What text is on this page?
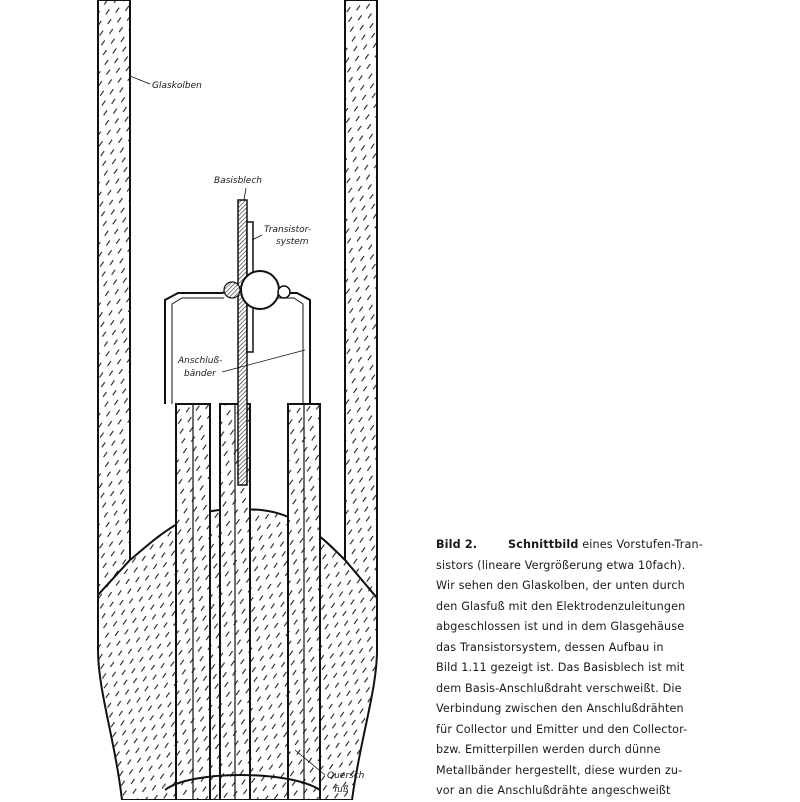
Glaskolben
Basisblech
Transistor-
system
Anschluß-
bänder
Quersch
fuß
Bild 2.	Schnittbild eines Vorstufen-Tran-
sistors (lineare Vergrößerung etwa 10fach).
Wir sehen den Glaskolben, der unten durch
den Glasfuß mit den Elektrodenzuleitungen
abgeschlossen ist und in dem Glasgehäuse
das Transistorsystem, dessen Aufbau in
Bild 1.11 gezeigt ist. Das Basisblech ist mit
dem Basis-Anschlußdraht verschweißt. Die
Verbindung zwischen den Anschlußdrähten
für Collector und Emitter und den Collector-
bzw. Emitterpillen werden durch dünne
Metallbänder hergestellt, diese wurden zu-
vor an die Anschlußdrähte angeschweißt
